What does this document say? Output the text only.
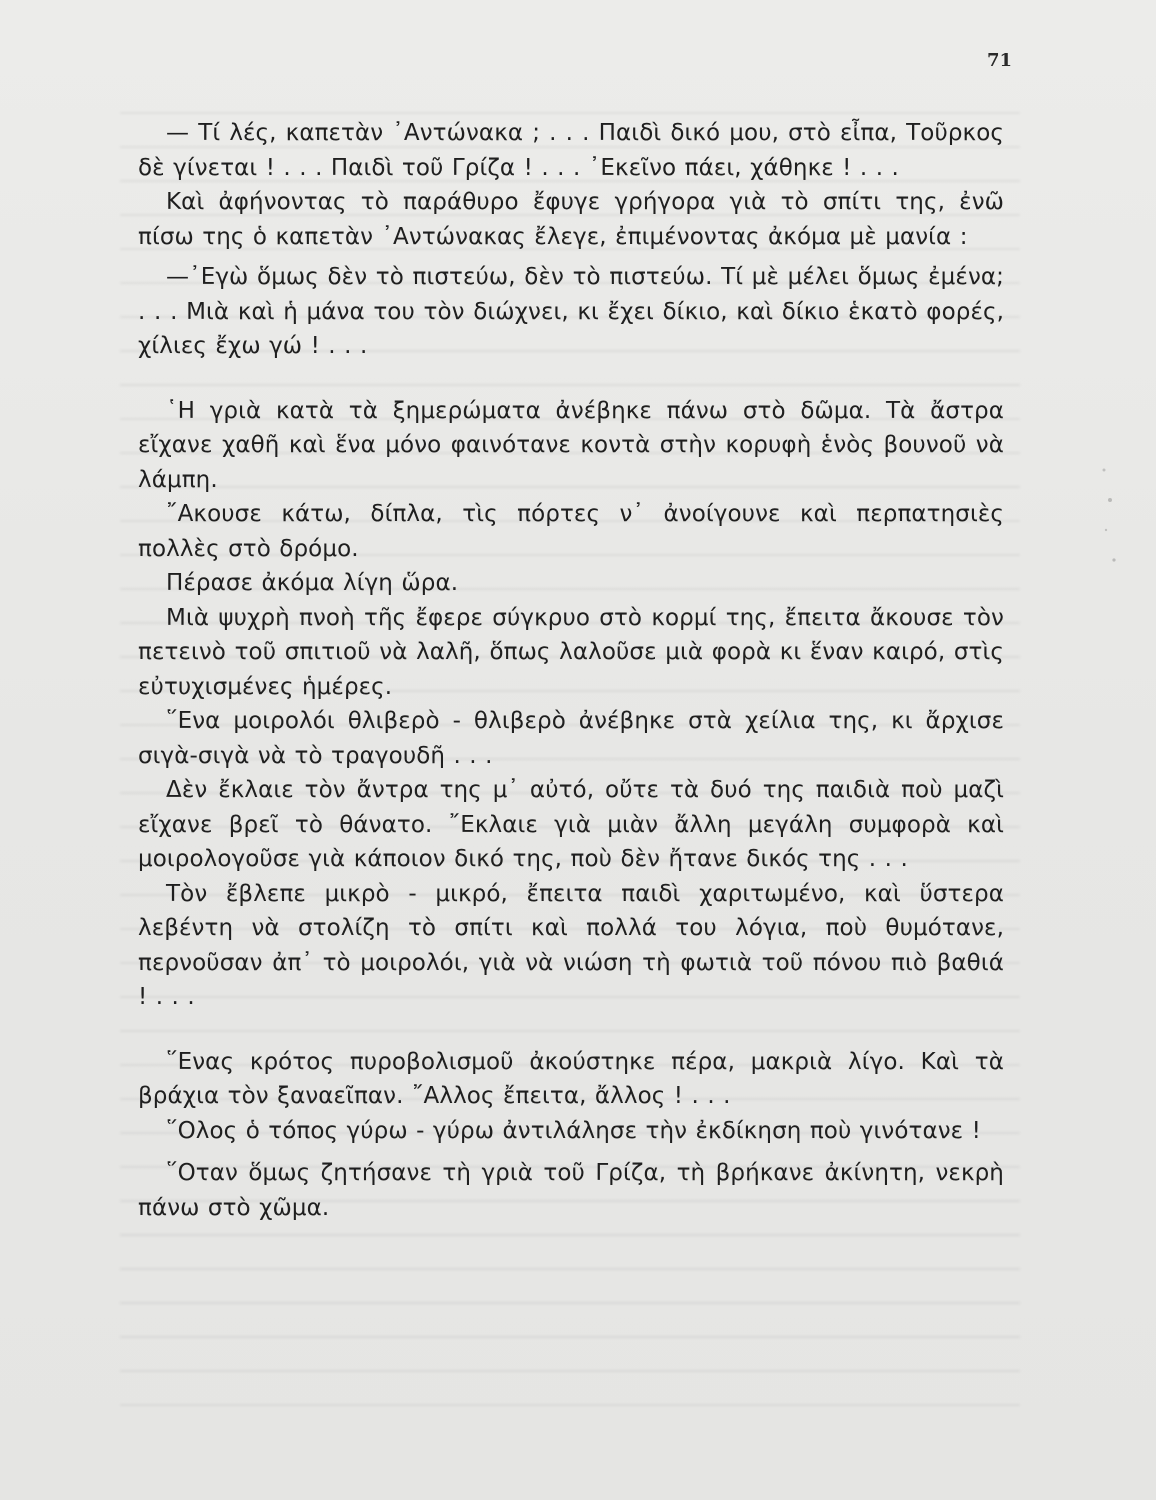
71

— Τί λές, καπετὰν ᾿Αντώνακα ; . . . Παιδὶ δικό μου, στὸ εἶπα, Τοῦρκος δὲ γίνεται ! . . . Παιδὶ τοῦ Γρίζα ! . . . ᾿Εκεῖνο πάει, χάθηκε ! . . .

Καὶ ἀφήνοντας τὸ παράθυρο ἔφυγε γρήγορα γιὰ τὸ σπίτι της, ἐνῶ πίσω της ὁ καπετὰν ᾿Αντώνακας ἔλεγε, ἐπιμένοντας ἀκόμα μὲ μανία :

—᾿Εγὼ ὅμως δὲν τὸ πιστεύω, δὲν τὸ πιστεύω. Τί μὲ μέλει ὅμως ἐμένα; . . . Μιὰ καὶ ἡ μάνα του τὸν διώχνει, κι ἔχει δίκιο, καὶ δίκιο ἑκατὸ φορές, χίλιες ἔχω γώ ! . . .

῾Η γριὰ κατὰ τὰ ξημερώματα ἀνέβηκε πάνω στὸ δῶμα. Τὰ ἄστρα εἴχανε χαθῆ καὶ ἕνα μόνο φαινότανε κοντὰ στὴν κορυφὴ ἑνὸς βουνοῦ νὰ λάμπη.

῎Ακουσε κάτω, δίπλα, τὶς πόρτες ν᾿ ἀνοίγουνε καὶ περπατησιὲς πολλὲς στὸ δρόμο.

Πέρασε ἀκόμα λίγη ὥρα.

Μιὰ ψυχρὴ πνοὴ τῆς ἔφερε σύγκρυο στὸ κορμί της, ἔπειτα ἄκουσε τὸν πετεινὸ τοῦ σπιτιοῦ νὰ λαλῆ, ὅπως λαλοῦσε μιὰ φορὰ κι ἕναν καιρό, στὶς εὐτυχισμένες ἡμέρες.

῞Ενα μοιρολόι θλιβερὸ - θλιβερὸ ἀνέβηκε στὰ χείλια της, κι ἄρχισε σιγὰ-σιγὰ νὰ τὸ τραγουδῆ . . .

Δὲν ἔκλαιε τὸν ἄντρα της μ᾿ αὐτό, οὔτε τὰ δυό της παιδιὰ ποὺ μαζὶ εἴχανε βρεῖ τὸ θάνατο. ῎Εκλαιε γιὰ μιὰν ἄλλη μεγάλη συμφορὰ καὶ μοιρολογοῦσε γιὰ κάποιον δικό της, ποὺ δὲν ἤτανε δικός της . . .

Τὸν ἔβλεπε μικρὸ - μικρό, ἔπειτα παιδὶ χαριτωμένο, καὶ ὕστερα λεβέντη νὰ στολίζη τὸ σπίτι καὶ πολλά του λόγια, ποὺ θυμότανε, περνοῦσαν ἀπ᾿ τὸ μοιρολόι, γιὰ νὰ νιώση τὴ φωτιὰ τοῦ πόνου πιὸ βαθιά ! . . .

῞Ενας κρότος πυροβολισμοῦ ἀκούστηκε πέρα, μακριὰ λίγο. Καὶ τὰ βράχια τὸν ξαναεῖπαν. ῎Αλλος ἔπειτα, ἄλλος ! . . .

῞Ολος ὁ τόπος γύρω - γύρω ἀντιλάλησε τὴν ἐκδίκηση ποὺ γινότανε !

῞Οταν ὅμως ζητήσανε τὴ γριὰ τοῦ Γρίζα, τὴ βρήκανε ἀκίνητη, νεκρὴ πάνω στὸ χῶμα.
